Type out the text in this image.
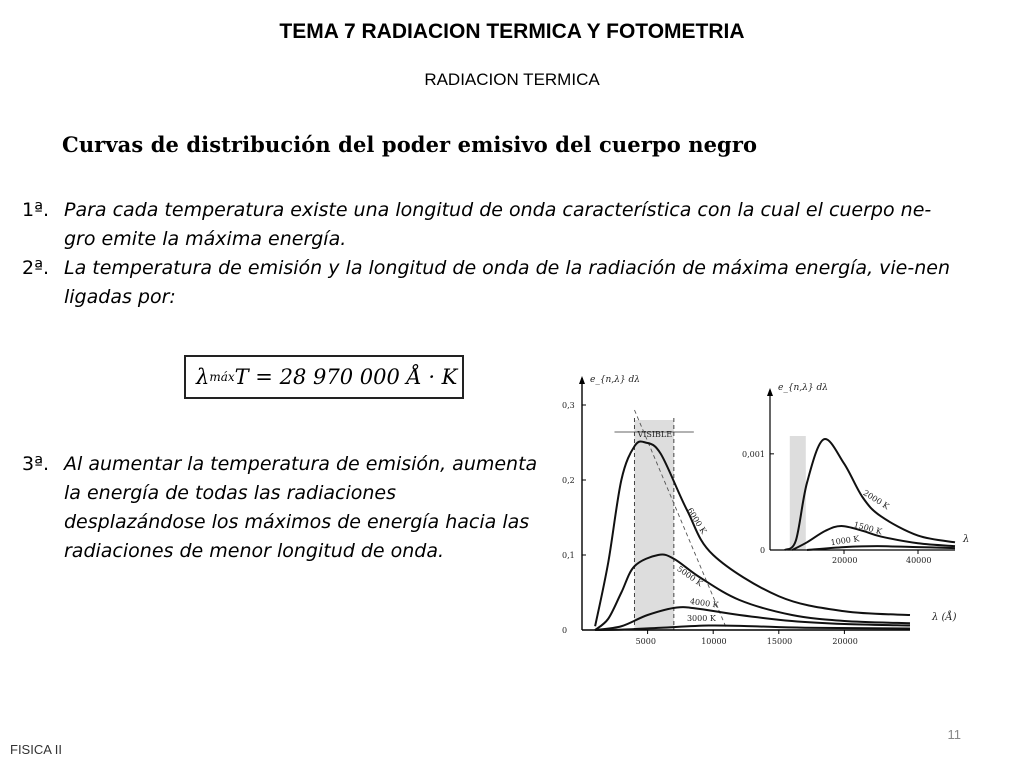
TEMA 7 RADIACION TERMICA Y FOTOMETRIA
RADIACION TERMICA
Curvas de distribución del poder emisivo del cuerpo negro
1ª. Para cada temperatura existe una longitud de onda característica con la cual el cuerpo ne-gro emite la máxima energía.
2ª. La temperatura de emisión y la longitud de onda de la radiación de máxima energía, vie-nen ligadas por:
λ máx T = 28 970 000 Å · K
3ª. Al aumentar la temperatura de emisión, aumenta la energía de todas las radiaciones desplazándose los máximos de energía hacia las radiaciones de menor longitud de onda.
VISIBLE
e_{n,λ} dλ
λ (Å)
0
0,1
0,2
0,3
5000	10000	15000	20000
6000 K
5000 K
4000 K
3000 K
e_{n,λ} dλ
λ
0
0,001
20000	40000
2000 K
1500 K
1000 K
11
FISICA II
